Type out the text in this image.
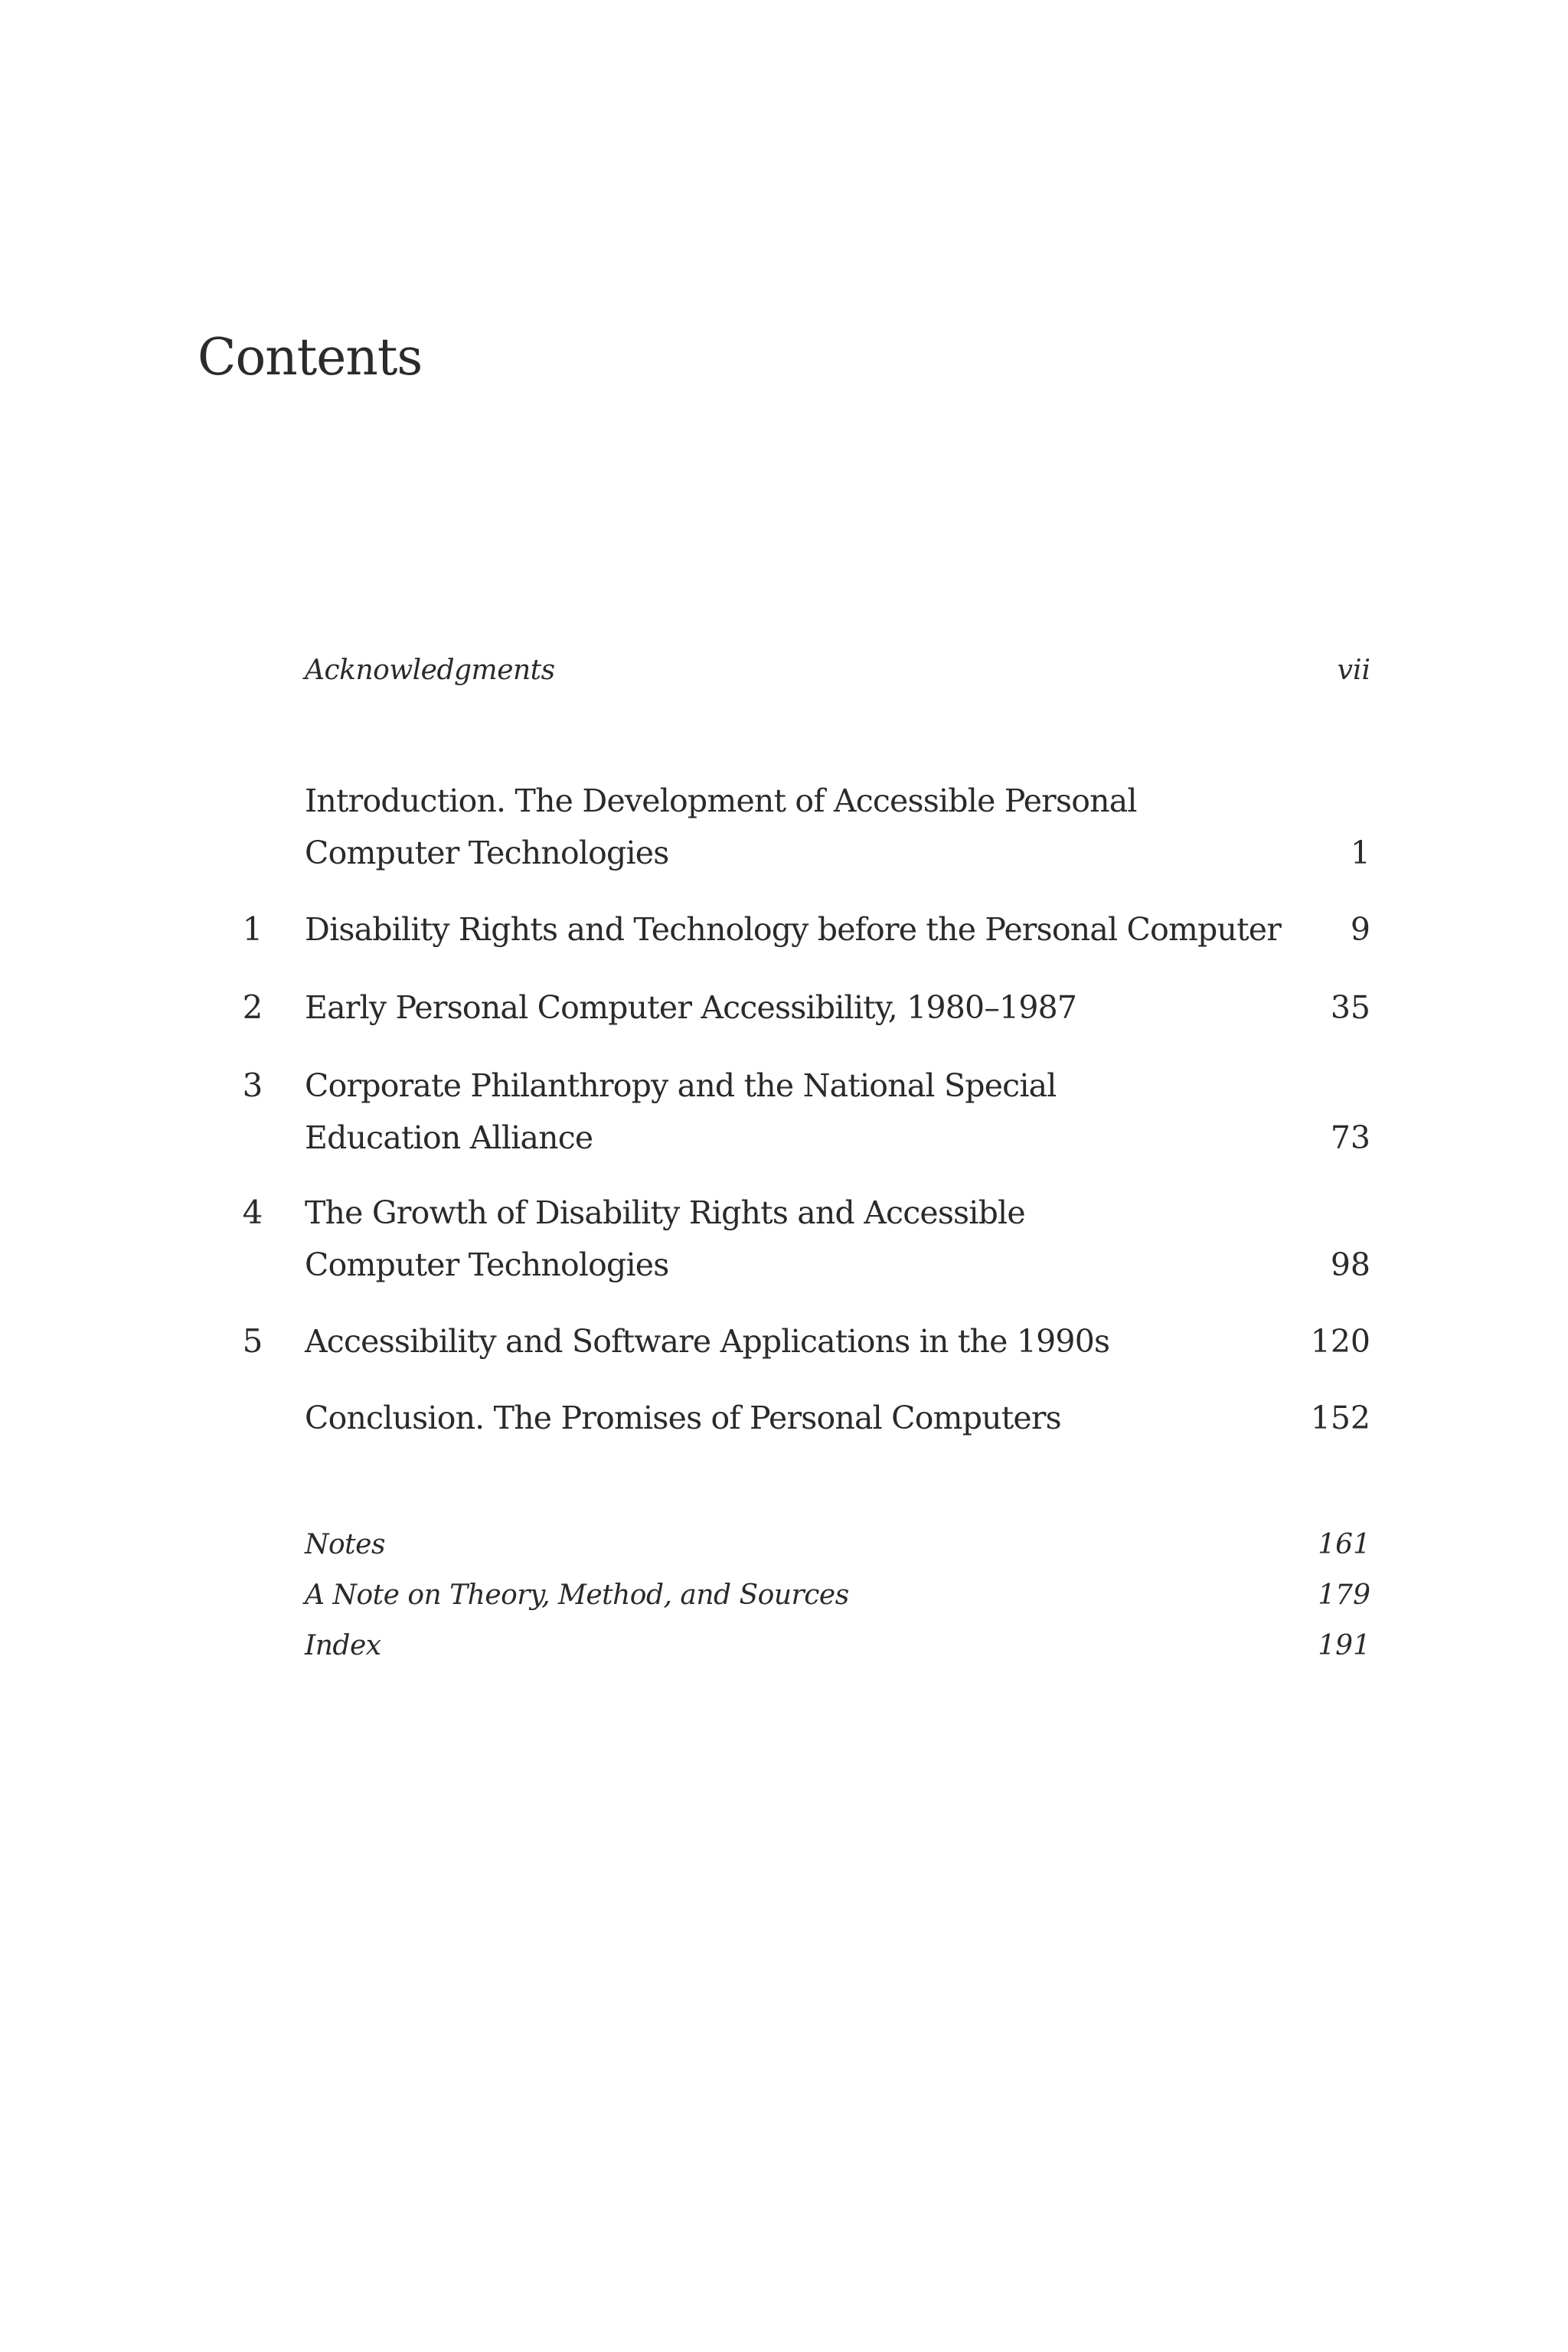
Contents
Acknowledgments	vii
Introduction. The Development of Accessible Personal
Computer Technologies	1
1 Disability Rights and Technology before the Personal Computer 9
2 Early Personal Computer Accessibility, 1980–1987	35
3 Corporate Philanthropy and the National Special
Education Alliance	73
4 The Growth of Disability Rights and Accessible
Computer Technologies	98
5 Accessibility and Software Applications in the 1990s	120
Conclusion. The Promises of Personal Computers	152
Notes	161
A Note on Theory, Method, and Sources	179
Index	191
